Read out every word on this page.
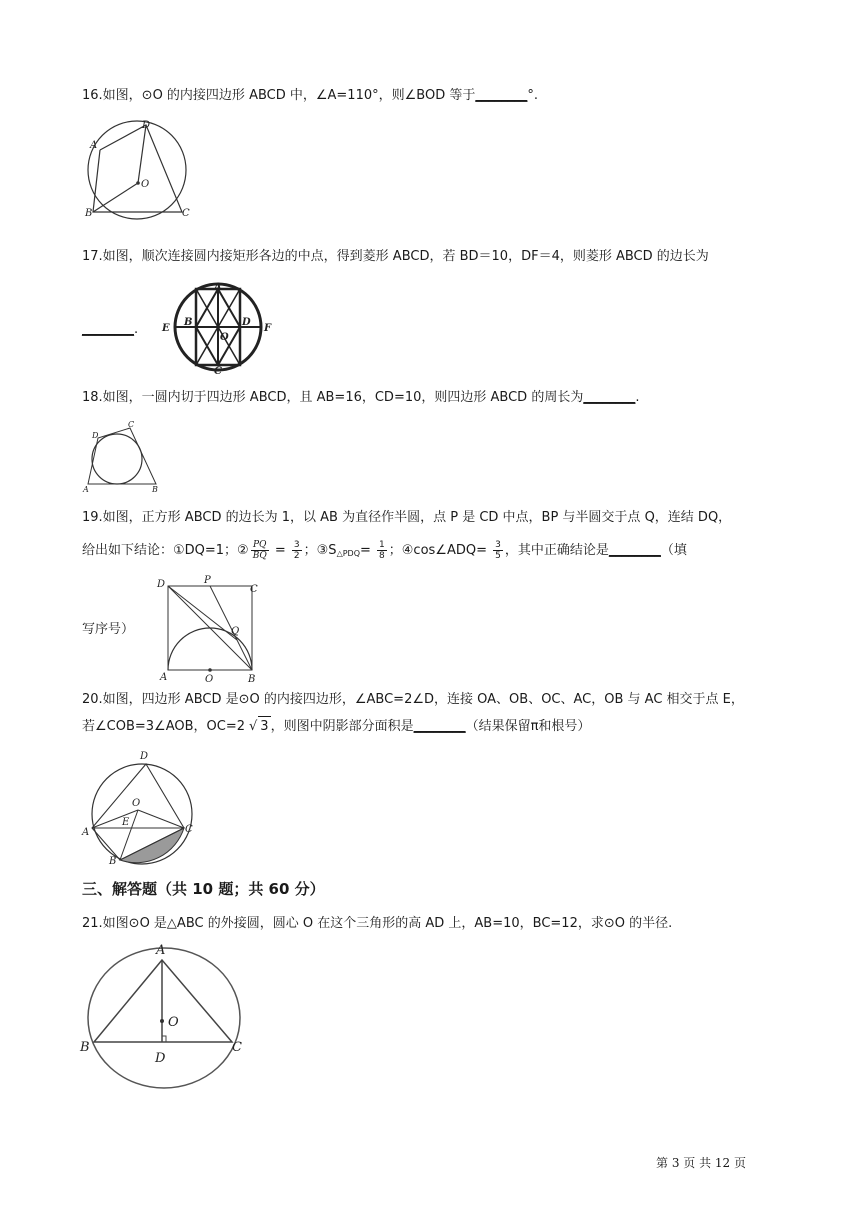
16.如图，⊙O 的内接四边形 ABCD 中，∠A=110°，则∠BOD 等于________°.
A
D
O
B	C
17.如图，顺次连接圆内接矩形各边的中点，得到菱形 ABCD，若 BD＝10，DF＝4，则菱形 ABCD 的边长为
________.
A
B
O
D
C
E	F
18.如图，一圆内切于四边形 ABCD，且 AB=16，CD=10，则四边形 ABCD 的周长为________.
D
C
A	B
19.如图，正方形 ABCD 的边长为 1，以 AB 为直径作半圆，点 P 是 CD 中点，BP 与半圆交于点 Q，连结 DQ，
给出如下结论：①DQ=1；② $\frac{PQ}{BQ} = \frac{3}{2}$ ；$③S_{\triangle PDQ}= \frac{1}{8}$ ；④cos∠ADQ= $\frac{3}{5}$ ，其中正确结论是________（填
写序号）
D	P
C
Q
A	O	B
20.如图，四边形 ABCD 是⊙O 的内接四边形，∠ABC=2∠D，连接 OA、OB、OC、AC，OB 与 AC 相交于点 E，
若∠COB=3∠AOB，OC=2 √ 3 ，则图中阴影部分面积是________（结果保留π和根号）
D
O
E
A	C
B
三、解答题（共 10 题；共 60 分）
21.如图⊙O 是△ABC 的外接圆，圆心 O 在这个三角形的高 AD 上，AB=10，BC=12，求⊙O 的半径.
A
O
B	C
D
第 3 页 共 12 页
